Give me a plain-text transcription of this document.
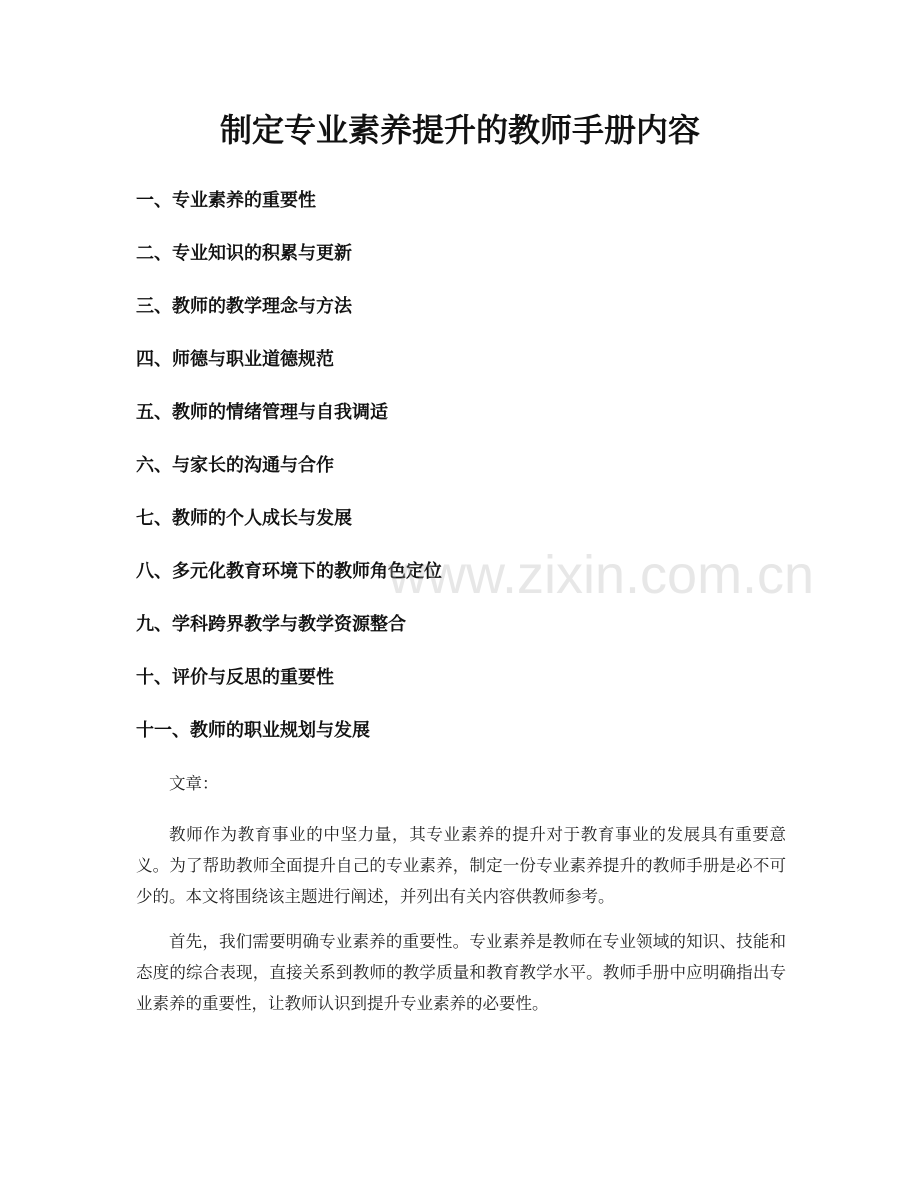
制定专业素养提升的教师手册内容
一、专业素养的重要性
二、专业知识的积累与更新
三、教师的教学理念与方法
四、师德与职业道德规范
五、教师的情绪管理与自我调适
六、与家长的沟通与合作
七、教师的个人成长与发展
八、多元化教育环境下的教师角色定位
九、学科跨界教学与教学资源整合
十、评价与反思的重要性
十一、教师的职业规划与发展

文章：

教师作为教育事业的中坚力量，其专业素养的提升对于教育事业的发展具有重要意义。为了帮助教师全面提升自己的专业素养，制定一份专业素养提升的教师手册是必不可少的。本文将围绕该主题进行阐述，并列出有关内容供教师参考。

首先，我们需要明确专业素养的重要性。专业素养是教师在专业领域的知识、技能和态度的综合表现，直接关系到教师的教学质量和教育教学水平。教师手册中应明确指出专业素养的重要性，让教师认识到提升专业素养的必要性。

www.zixin.com.cn
